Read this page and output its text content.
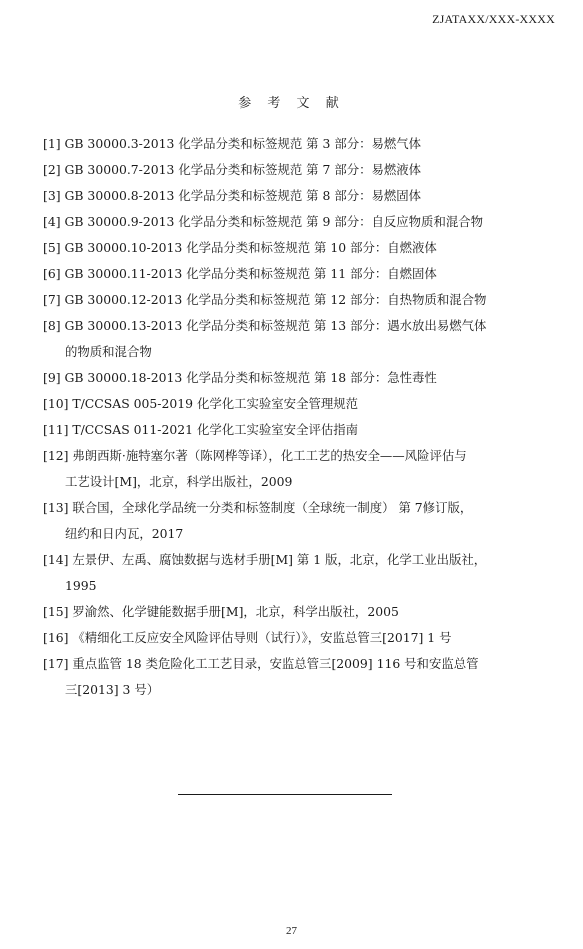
ZJATAXX/XXX-XXXX
参 考 文 献
[1] GB 30000.3-2013 化学品分类和标签规范 第 3 部分：易燃气体
[2] GB 30000.7-2013 化学品分类和标签规范 第 7 部分：易燃液体
[3] GB 30000.8-2013 化学品分类和标签规范 第 8 部分：易燃固体
[4] GB 30000.9-2013 化学品分类和标签规范 第 9 部分：自反应物质和混合物
[5] GB 30000.10-2013 化学品分类和标签规范 第 10 部分：自燃液体
[6] GB 30000.11-2013 化学品分类和标签规范 第 11 部分：自燃固体
[7] GB 30000.12-2013 化学品分类和标签规范 第 12 部分：自热物质和混合物
[8] GB 30000.13-2013 化学品分类和标签规范 第 13 部分：遇水放出易燃气体
的物质和混合物
[9] GB 30000.18-2013 化学品分类和标签规范 第 18 部分：急性毒性
[10] T/CCSAS 005-2019 化学化工实验室安全管理规范
[11] T/CCSAS 011-2021 化学化工实验室安全评估指南
[12] 弗朗西斯·施特塞尔著（陈网桦等译），化工工艺的热安全——风险评估与
工艺设计[M]，北京，科学出版社，2009
[13] 联合国，全球化学品统一分类和标签制度（全球统一制度） 第 7修订版，
纽约和日内瓦，2017
[14] 左景伊、左禹、腐蚀数据与选材手册[M] 第 1 版，北京，化学工业出版社，
1995
[15] 罗渝然、化学键能数据手册[M]，北京，科学出版社，2005
[16] 《精细化工反应安全风险评估导则（试行）》，安监总管三[2017] 1 号
[17] 重点监管 18 类危险化工工艺目录，安监总管三[2009] 116 号和安监总管
三[2013] 3 号）
27
